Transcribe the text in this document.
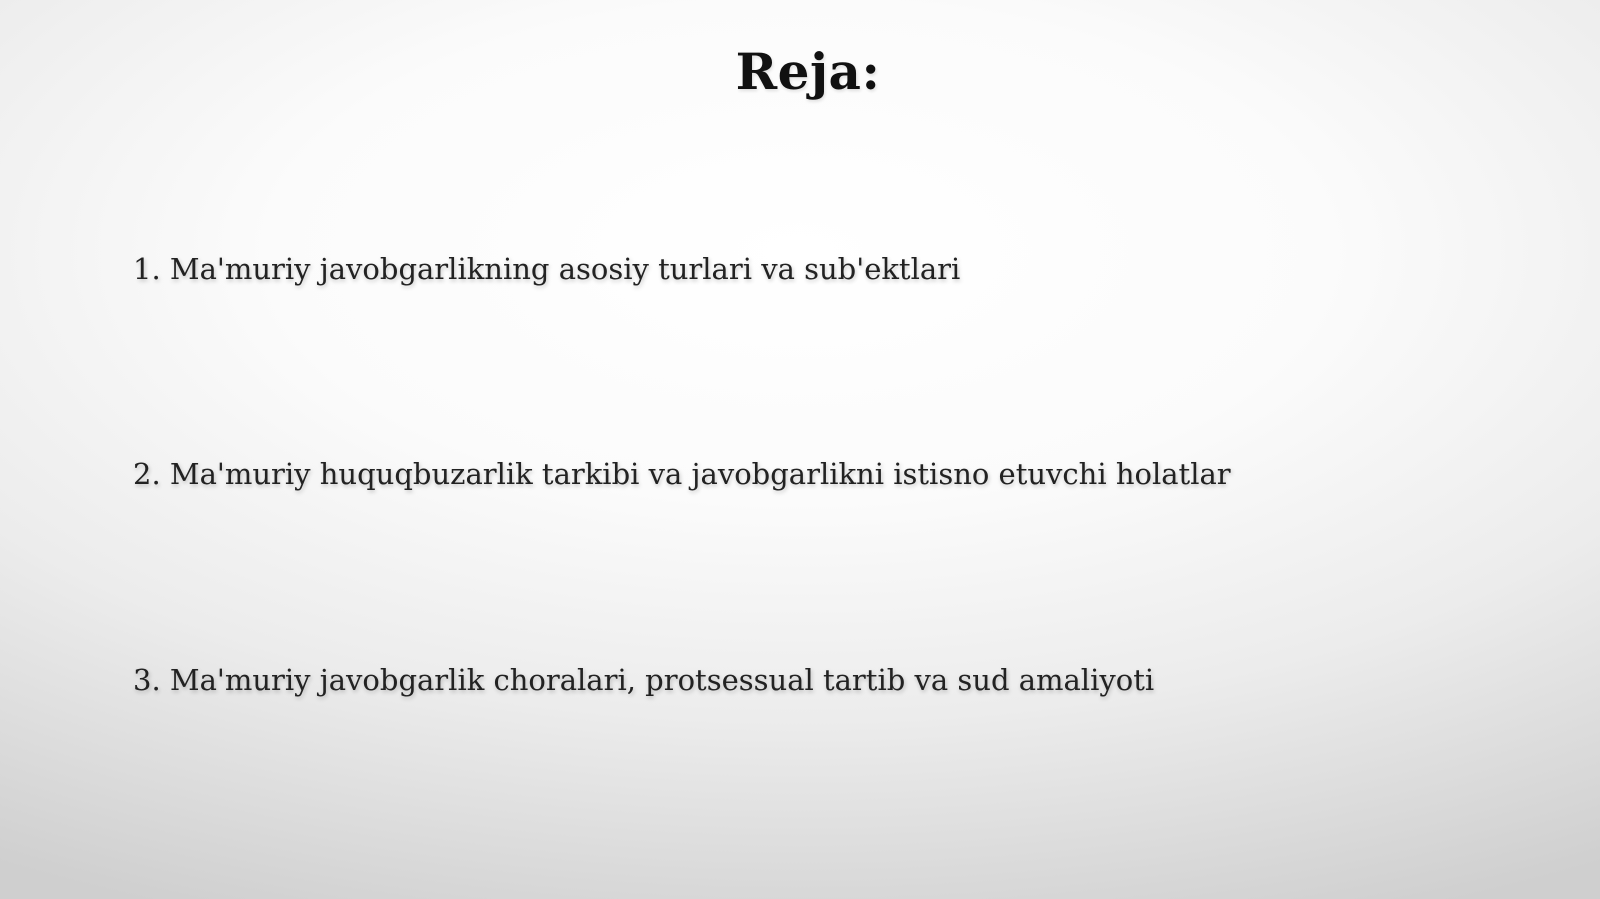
Reja:
1. Ma'muriy javobgarlikning asosiy turlari va sub'ektlari
2. Ma'muriy huquqbuzarlik tarkibi va javobgarlikni istisno etuvchi holatlar
3. Ma'muriy javobgarlik choralari, protsessual tartib va sud amaliyoti
